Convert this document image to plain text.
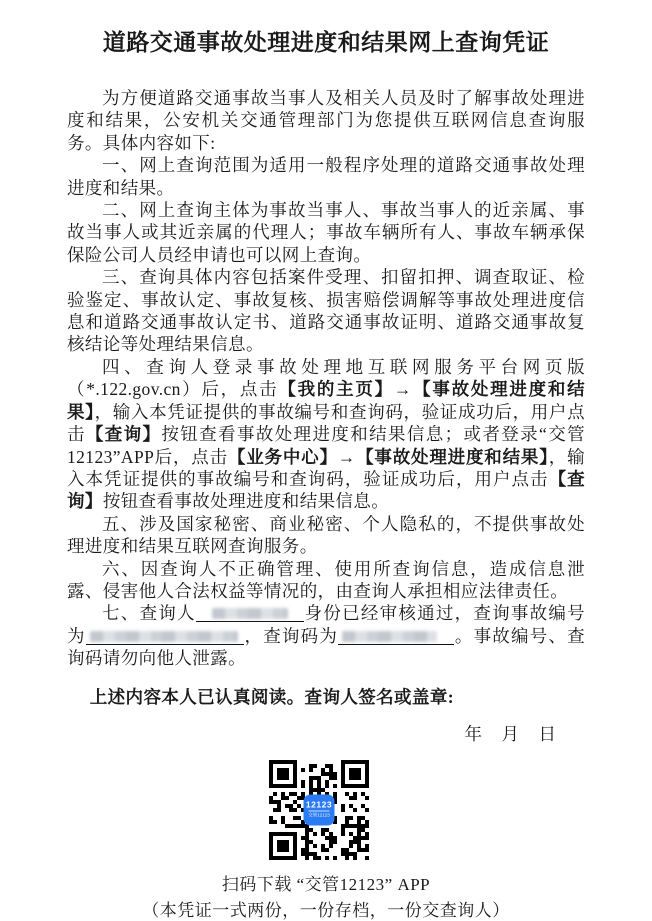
道路交通事故处理进度和结果网上查询凭证

为方便道路交通事故当事人及相关人员及时了解事故处理进度和结果，公安机关交通管理部门为您提供互联网信息查询服务。具体内容如下:

一、网上查询范围为适用一般程序处理的道路交通事故处理进度和结果。

二、网上查询主体为事故当事人、事故当事人的近亲属、事故当事人或其近亲属的代理人；事故车辆所有人、事故车辆承保保险公司人员经申请也可以网上查询。

三、查询具体内容包括案件受理、扣留扣押、调查取证、检验鉴定、事故认定、事故复核、损害赔偿调解等事故处理进度信息和道路交通事故认定书、道路交通事故证明、道路交通事故复核结论等处理结果信息。

四、查询人登录事故处理地互联网服务平台网页版（*.122.gov.cn）后，点击【我的主页】→【事故处理进度和结果】，输入本凭证提供的事故编号和查询码，验证成功后，用户点击【查询】按钮查看事故处理进度和结果信息；或者登录“交管12123”APP后，点击【业务中心】→【事故处理进度和结果】，输入本凭证提供的事故编号和查询码，验证成功后，用户点击【查询】按钮查看事故处理进度和结果信息。

五、涉及国家秘密、商业秘密、个人隐私的，不提供事故处理进度和结果互联网查询服务。

六、因查询人不正确管理、使用所查询信息，造成信息泄露、侵害他人合法权益等情况的，由查询人承担相应法律责任。

七、查询人	身份已经审核通过，查询事故编号为	，查询码为	。事故编号、查询码请勿向他人泄露。

上述内容本人已认真阅读。查询人签名或盖章:

年　月　日

12123
交管12123

扫码下载 “交管12123” APP

（本凭证一式两份，一份存档，一份交查询人）
